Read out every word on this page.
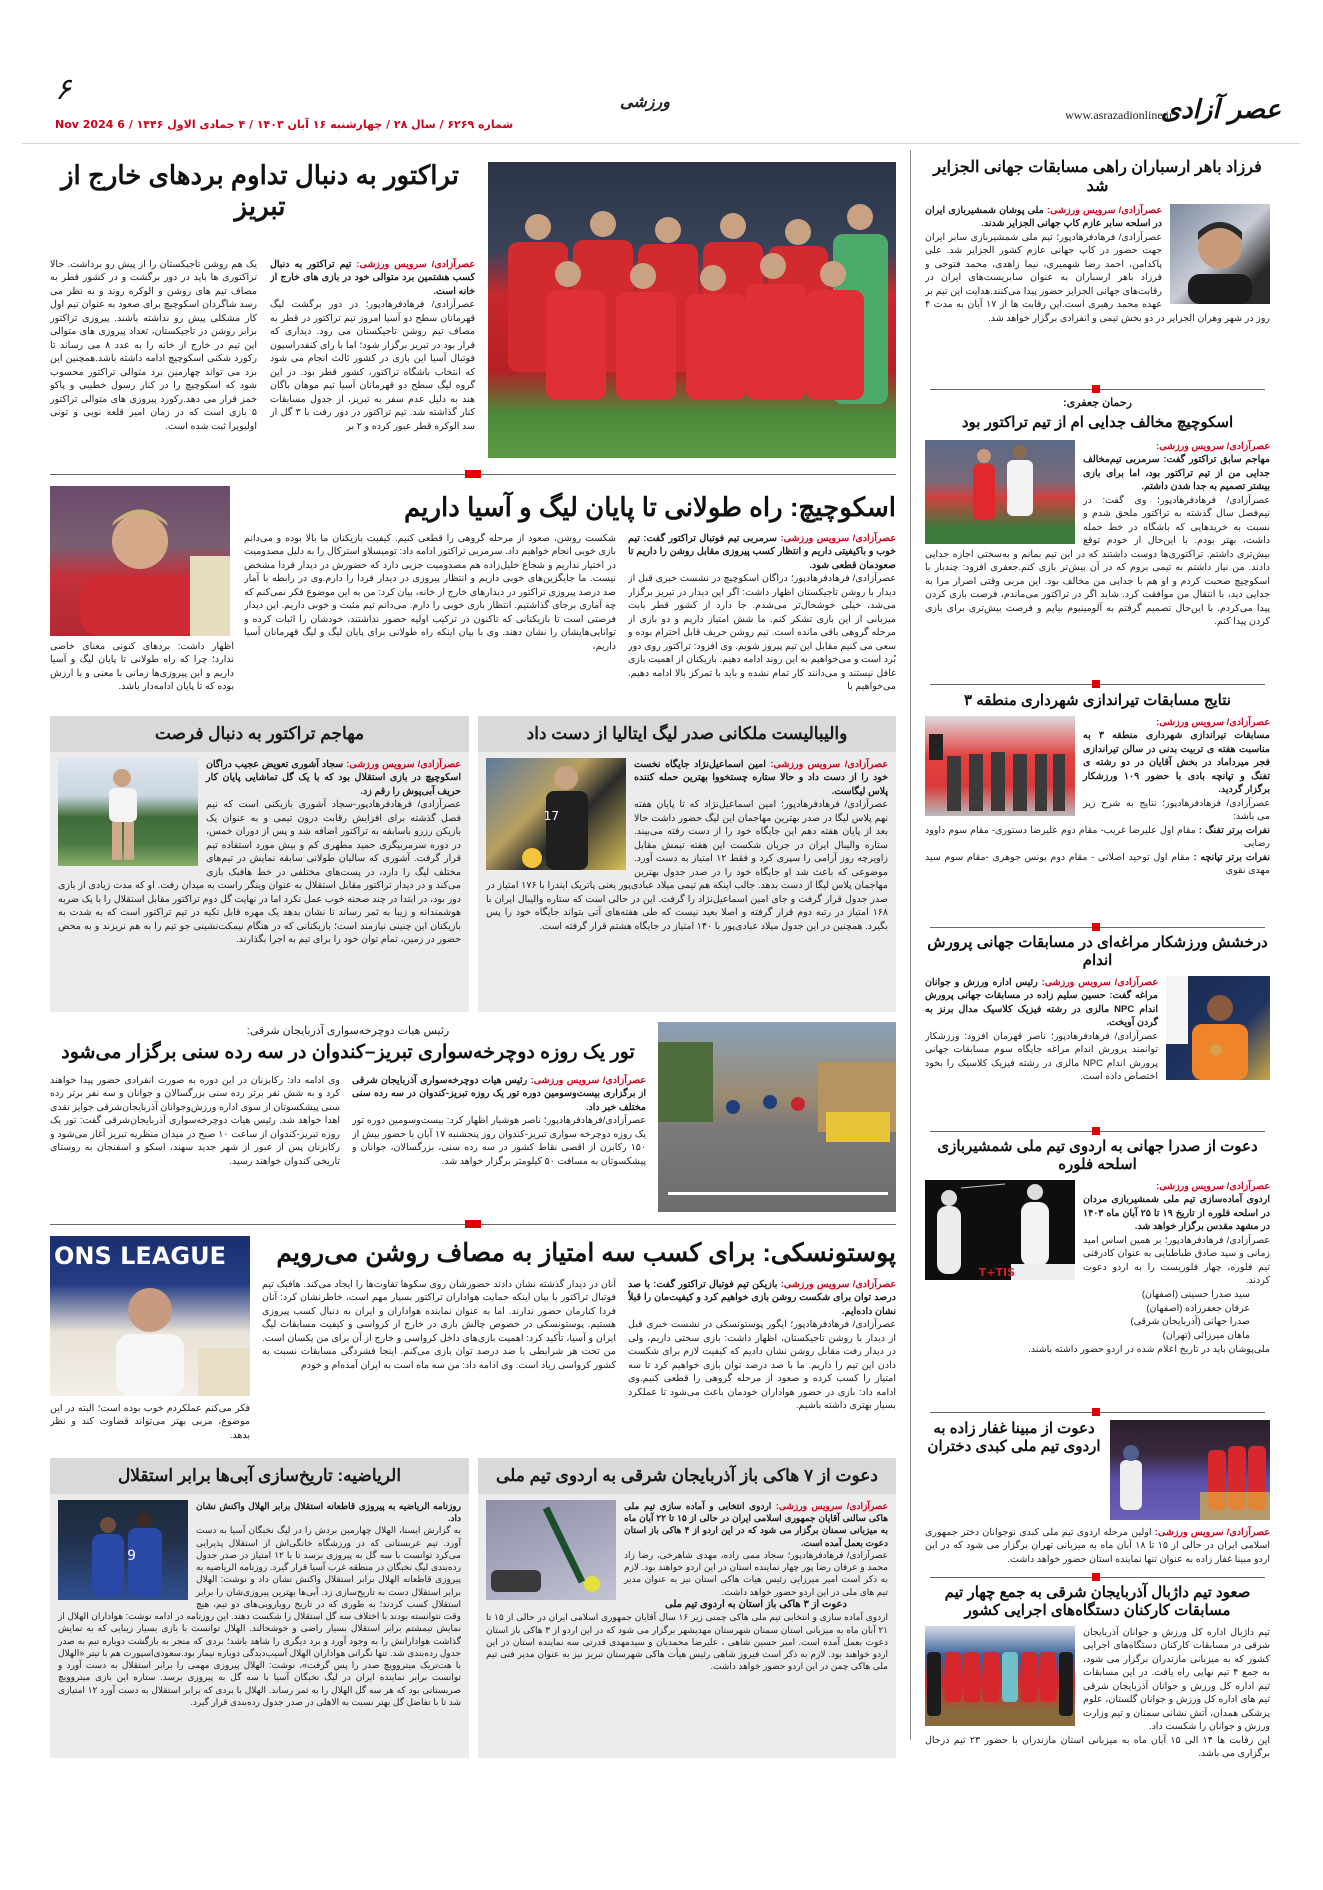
عصر آزادی
www.asrazadionline.ir
ورزشی
۶
شماره ۶۲۶۹ / سال ۲۸ / چهارشنبه ۱۶ آبان ۱۴۰۳ / ۴ جمادی الاول ۱۴۴۶ / 6 Nov 2024
تراکتور به دنبال تداوم بردهای خارج از تبریز

عصرآزادی/ سرویس ورزشی: تیم تراکتور به دنبال کسب هشتمین برد متوالی خود در بازی های خارج از خانه است.

عصرآزادی/ فرهادفرهادپور؛ در دور برگشت لیگ قهرمانان سطح دو آسیا امروز تیم تراکتور در قطر به مصاف تیم روشن تاجیکستان می رود. دیداری که قرار بود در تبریز برگزار شود؛ اما با رای کنفدراسیون فوتبال آسیا این بازی در کشور ثالث انجام می شود که انتخاب باشگاه تراکتور، کشور قطر بود. در این گروه لیگ سطح دو قهرمانان آسیا تیم موهان باگان هند به دلیل عدم سفر به تبریز، از جدول مسابقات کنار گذاشته شد. تیم تراکتور در دور رفت با ۳ گل از سد الوکره قطر عبور کرده و ۲ بر

یک هم روشن تاجیکستان را از پیش رو برداشت. حالا تراکتوری ها باید در دور برگشت و در کشور قطر به مصاف تیم های روشن و الوکره روند و به نظر می رسد شاگردان اسکوچیچ برای صعود به عنوان تیم اول کار مشکلی پیش رو نداشته باشند. پیروزی تراکتور برابر روشن در تاجیکستان، تعداد پیروزی های متوالی این تیم در خارج از خانه را به عدد ۸ می رساند تا رکورد شکنی اسکوچیچ ادامه داشته باشد.همچنین این برد می تواند چهارمین برد متوالی تراکتور محسوب شود که اسکوچیچ را در کنار رسول خطیبی و پاکو خمز قرار می دهد.رکورد پیروزی های متوالی تراکتور ۵ بازی است که در زمان امیر قلعه نویی و تونی اولیویرا ثبت شده است.
اسکوچیچ: راه طولانی تا پایان لیگ و آسیا داریم

عصرآزادی/ سرویس ورزشی: سرمربی تیم فوتبال تراکتور گفت: تیم خوب و باکیفیتی داریم و انتظار کسب پیروزی مقابل روشن را داریم تا صعودمان قطعی شود.

عصرآزادی/ فرهادفرهادپور؛ دراگان اسکوچیچ در نشست خبری قبل از دیدار با روشن تاجیکستان اظهار داشت: اگر این دیدار در تبریز برگزار می‌شد، خیلی خوشحال‌تر می‌شدم. جا دارد از کشور قطر بابت میزبانی از این بازی تشکر کنم. ما شش امتیاز داریم و دو بازی از مرحله گروهی باقی مانده است. تیم روشن حریف قابل احترام بوده و سعی می کنیم مقابل این تیم پیروز شویم. وی افزود: تراکتور روی دور بُرد است و می‌خواهیم به این روند ادامه دهیم. بازیکنان از اهمیت بازی غافل نیستند و می‌دانند کار تمام نشده و باید با تمرکز بالا ادامه دهیم. می‌خواهیم با

شکست روشن، صعود از مرحله گروهی را قطعی کنیم. کیفیت بازیکنان ما بالا بوده و می‌دانم بازی خوبی انجام خواهیم داد. سرمربی تراکتور ادامه داد: تومیسلاو استرکال را به دلیل مصدومیت در اختیار نداریم و شجاع خلیل‌زاده هم مصدومیت جزیی دارد که حضورش در دیدار فردا مشخص نیست. ما جایگزین‌های خوبی داریم و انتظار پیروزی در دیدار فردا را دارم.وی در رابطه با آمار صد درصد پیروزی تراکتور در دیدارهای خارج از خانه، بیان کرد: من به این موضوع فکر نمی‌کنم که چه آماری برجای گذاشتیم. انتظار بازی خوبی را دارم. می‌دانم تیم مثبت و خوبی داریم. این دیدار فرصتی است تا بازیکنانی که تاکنون در ترکیب اولیه حضور نداشتند، خودشان را اثبات کرده و توانایی‌هایشان را نشان دهند. وی با بیان اینکه راه طولانی برای پایان لیگ و لیگ قهرمانان آسیا داریم،
اظهار داشت: بردهای کنونی معنای خاصی ندارد؛ چرا که راه طولانی تا پایان لیگ و آسیا داریم و این پیروزی‌ها زمانی با معنی و با ارزش بوده که تا پایان ادامه‌دار باشد.
مهاجم تراکتور به دنبال فرصت

عصرآزادی/ سرویس ورزشی: سجاد آشوری تعویض عجیب دراگان اسکوچیچ در بازی استقلال بود که با یک گل تماشایی پایان کار حریف آبی‌پوش را رقم زد.

عصرآزادی/ فرهادفرهادپور-سجاد آشوری بازیکنی است که نیم فصل گذشته برای افزایش رقابت درون تیمی و به عنوان یک بازیکن رزرو باسابقه به تراکتور اضافه شد و پس از دوران خمس، در دوره سرمربیگری حمید مطهری کم و بیش مورد استفاده تیم قرار گرفت. آشوری که سالیان طولانی سابقه نمایش در تیم‌های مختلف لیگ را دارد، در پست‌های مختلفی در خط هافبک بازی می‌کند و در دیدار تراکتور مقابل استقلال به عنوان وینگر راست به میدان رفت. او که مدت زیادی از بازی دور بود، در ابتدا در چند صحنه خوب عمل نکرد اما در نهایت گل دوم تراکتور مقابل استقلال را با یک ضربه هوشمندانه و زیبا به ثمر رساند تا نشان بدهد یک مهره قابل تکیه در تیم تراکتور است که به شدت به بازیکنان این چنینی نیازمند است؛ بازیکنانی که در هنگام نیمکت‌نشینی جو تیم را به هم نریزند و به محض حضور در زمین، تمام توان خود را برای تیم به اجرا بگذارند.

والیبالیست ملکانی صدر لیگ ایتالیا از دست داد
17

عصرآزادی/ سرویس ورزشی: امین اسماعیل‌نژاد جایگاه نخست خود را از دست داد و حالا ستاره چستخووا بهترین حمله کننده پلاس لیگاست.

عصرآزادی/ فرهادفرهادپور؛ امین اسماعیل‌نژاد که تا پایان هفته نهم پلاس لیگا در صدر بهترین مهاجمان این لیگ حضور داشت حالا بعد از پایان هفته دهم این جایگاه خود را از دست رفته می‌بیند. ستاره والیبال ایران در جریان شکست این هفته تیمش مقابل زاویرچه روز آرامی را سپری کرد و فقط ۱۲ امتیاز به دست آورد. موضوعی که باعث شد او جایگاه خود را در صدر جدول بهترین مهاجمان پلاس لیگا از دست بدهد. جالب اینکه هم تیمی میلاد عبادی‌پور یعنی پاتریک ایندرا با ۱۷۶ امتیاز در صدر جدول قرار گرفت و جای امین اسماعیل‌نژاد را گرفت. این در حالی است که ستاره والیبال ایران با ۱۶۸ امتیاز در رتبه دوم قرار گرفته و اصلا بعید نیست که طی هفته‌های آتی بتواند جایگاه خود را پس بگیرد. همچنین در این جدول میلاد عبادی‌پور با ۱۴۰ امتیاز در جایگاه هشتم قرار گرفته است.

رئیس هیات دوچرخه‌سواری آذربایجان شرقی:
تور یک روزه دوچرخه‌سواری تبریز–کندوان در سه رده سنی برگزار می‌شود

عصرآزادی/ سرویس ورزشی: رئیس هیات دوچرخه‌سواری آذربایجان شرقی از برگزاری بیست‌وسومین دوره تور یک روزه تبریز-کندوان در سه رده سنی مختلف خبر داد.

عصرآزادی/فرهادفرهادپور؛ ناصر هوشیار اظهار کرد: بیست‌وسومین دوره تور یک روزه دوچرخه سواری تبریز-کندوان روز پنجشنبه ۱۷ آبان با حضور بیش از ۱۵۰ رکابزن از اقصی نقاط کشور در سه رده سنی، بزرگسالان، جوانان و پیشکسوتان به مسافت ۵۰ کیلومتر برگزار خواهد شد.

وی ادامه داد: رکابزنان در این دوره به صورت انفرادی حضور پیدا خواهند کرد و به شش نفر برتر رده سنی بزرگسالان و جوانان و سه نفر برتر رده سنی پیشکسوتان از سوی اداره ورزش‌وجوانان آذربایجان‌شرقی جوایز نقدی اهدا خواهد شد. رئیس هیات دوچرخه‌سواری آذربایجان‌شرقی گفت: تور یک روزه تبریز-کندوان از ساعت ۱۰ صبح در میدان منظریه تبریز آغاز می‌شود و رکابزنان پس از عبور از شهر جدید سهند، اسکو و اسفنجان به روستای تاریخی کندوان خواهند رسید.
ONS LEAGUE	پوستونسکی: برای کسب سه امتیاز به مصاف روشن می‌رویم

عصرآزادی/ سرویس ورزشی: بازیکن تیم فوتبال تراکتور گفت: با صد درصد توان برای شکست روشن بازی خواهیم کرد و کیفیت‌مان را قبلاً نشان داده‌ایم.

عصرآزادی/ فرهادفرهادپور؛ ایگور پوستونسکی در نشست خبری قبل از دیدار با روشن تاجیکستان، اظهار داشت: بازی سختی داریم، ولی در دیدار رفت مقابل روشن نشان دادیم که کیفیت لازم برای شکست دادن این تیم را داریم. ما با صد درصد توان بازی خواهیم کرد تا سه امتیاز را کسب کرده و صعود از مرحله گروهی را قطعی کنیم.وی ادامه داد: بازی در حضور هواداران خودمان باعث می‌شود تا عملکرد بسیار بهتری داشته باشیم.

آنان در دیدار گذشته نشان دادند حضورشان روی سکوها تفاوت‌ها را ایجاد می‌کند. هافبک تیم فوتبال تراکتور با بیان اینکه حمایت هواداران تراکتور بسیار مهم است، خاطرنشان کرد: آنان فردا کنارمان حضور ندارند. اما به عنوان نماینده هواداران و ایران به دنبال کسب پیروزی هستیم. پوستونسکی در خصوص چالش بازی در خارج از کرواسی و کیفیت مسابقات لیگ ایران و آسیا، تأکید کرد: اهمیت بازی‌های داخل کرواسی و خارج از آن برای من یکسان است. من تحت هر شرایطی با صد درصد توان بازی می‌کنم. اینجا فشردگی مسابقات نسبت به کشور کرواسی زیاد است. وی ادامه داد: من سه ماه است به ایران آمده‌ام و خودم
فکر می‌کنم عملکردم خوب بوده است؛ البته در این موضوع، مربی بهتر می‌تواند قضاوت کند و نظر بدهد.
الریاضیه: تاریخ‌سازی آبی‌ها برابر استقلال
9

روزنامه الریاضیه به پیروزی قاطعانه استقلال برابر الهلال واکنش نشان داد.

به گزارش ایسنا، الهلال چهارمین بردش را در لیگ نخبگان آسیا به دست آورد. تیم عربستانی که در ورزشگاه خانگی‌اش از استقلال پذیرایی می‌کرد توانست با سه گل به پیروزی برسد تا با ۱۲ امتیاز در صدر جدول رده‌بندی لیگ نخبگان در منطقه غرب آسیا قرار گیرد. روزنامه الریاضیه به پیروزی قاطعانه الهلال برابر استقلال واکنش نشان داد و نوشت: الهلال برابر استقلال دست به تاریخ‌سازی زد. آبی‌ها بهترین پیروزی‌شان را برابر استقلال کسب کردند؛ به طوری که در تاریخ رویارویی‌های دو تیم، هیچ وقت نتوانسته بودند با اختلاف سه گل استقلال را شکست دهند. این روزنامه در ادامه نوشت: هواداران الهلال از نمایش تیمشتم برابر استقلال بسیار راضی و خوشحالند. الهلال توانست با بازی بسیار زیبایی که به نمایش گذاشت هوادارانش را به وجود آورد و برد دیگری را شاهد باشد؛ بردی که منجر به بازگشت دوباره تیم به صدر جدول رده‌بندی شد. تنها نگرانی هواداران الهلال آسیب‌دیدگی دوباره نیمار بود.سعودی‌اسپورت هم با تیتر «الهلال با هت‌تریک میتروویچ صدر را پس گرفت»، نوشت: الهلال پیروزی مهمی را برابر استقلال به دست آورد و توانست برابر نماینده ایران در لیگ نخبگان آسیا با سه گل به پیروزی برسد. ستاره این بازی میتروویچ صربستانی بود که هر سه گل الهلال را به ثمر رساند. الهلال با بردی که برابر استقلال به دست آورد ۱۲ امتیازی شد تا با تفاضل گل بهتر نسبت به الاهلی در صدر جدول رده‌بندی قرار گیرد.

دعوت از ۷ هاکی باز آذربایجان شرقی به اردوی تیم ملی

عصرآزادی/ سرویس ورزشی: اردوی انتخابی و آماده سازی تیم ملی هاکی سالنی آقایان جمهوری اسلامی ایران در حالی از ۱۵ تا ۲۲ آبان ماه به میزبانی سمنان برگزار می شود که در این اردو از ۴ هاکی باز استان دعوت بعمل آمده است.

عصرآزادی/ فرهادفرهادپور؛ سجاد ممی زاده، مهدی شاهرخی، رضا زاد محمد و عرفان رضا پور چهار نماینده استان در این اردو خواهند بود. لازم به ذکر است امیر میرزایی رئیس هیات هاکی استان نیز به عنوان مدیر تیم های ملی در این اردو حضور خواهد داشت.

دعوت از ۳ هاکی باز استان به اردوی تیم ملی

اردوی آماده سازی و انتخابی تیم ملی هاکی چمنی زیر ۱۶ سال آقایان جمهوری اسلامی ایران در حالی از ۱۵ تا ۲۱ آبان ماه به میزبانی استان سمنان شهرستان مهدیشهر برگزار می شود که در این اردو از ۳ هاکی باز استان دعوت بعمل آمده است. امیر حسین شاهی ، علیرضا محمدیان و سیدمهدی قدرتی سه نماینده استان در این اردو خواهند بود. لازم به ذکر است فیروز شاهی رئیس هیأت هاکی شهرستان تبریز نیز به عنوان مدیر فنی تیم ملی هاکی چمن در این اردو حضور خواهد داشت.

فرزاد باهر ارسباران راهی مسابقات جهانی الجزایر شد

عصرآزادی/ سرویس ورزشی: ملی پوشان شمشیربازی ایران در اسلحه سابر عازم کاپ جهانی الجزایر شدند.

عصرآزادی/ فرهادفرهادپور؛ تیم ملی شمشیربازی سابر ایران جهت حضور در کاپ جهانی عازم کشور الجزایر شد. علی پاکدامن، احمد رضا شهمیری، نیما زاهدی، محمد فتوحی و فرزاد باهر ارسباران به عنوان سابریست‌های ایران در رقابت‌های جهانی الجزایر حضور پیدا می‌کنند.هدایت این تیم بر عهده محمد رهبری است.این رقابت ها از ۱۷ آبان به مدت ۴ روز در شهر وهران الجزایر در دو بخش تیمی و انفرادی برگزار خواهد شد.

رحمان جعفری:
اسکوچیچ مخالف جدایی ام از تیم تراکتور بود

عصرآزادی/ سرویس ورزشی:

مهاجم سابق تراکتور گفت: سرمربی تیم‌مخالف جدایی من از تیم تراکتور بود، اما برای بازی بیشتر تصمیم به جدا شدن داشتم.

عصرآزادی/ فرهادفرهادپور؛ وی گفت: در نیم‌فصل سال گذشته به تراکتور ملحق شدم و نسبت به خریدهایی که باشگاه در خط حمله داشت، بهتر بودم. با این‌حال از خودم توقع بیش‌تری داشتم. تراکتوری‌ها دوست داشتند که در این تیم بمانم و به‌سختی اجازه جدایی دادند. من نیاز داشتم به تیمی بروم که در آن بیش‌تر بازی کنم.جعفری افزود: چندبار با اسکوچیچ صحبت کردم و او هم با جدایی من مخالف بود. این مربی وقتی اصرار مرا به جدایی دید، با انتقال من موافقت کرد. شاید اگر در تراکتور می‌ماندم، فرصت بازی کردن پیدا می‌کردم. با این‌حال تصمیم گرفتم به آلومینیوم بیایم و فرصت بیش‌تری برای بازی کردن پیدا کنم.

نتایج مسابقات تیراندازی شهرداری منطقه ۳

عصرآزادی/ سرویس ورزشی:

مسابقات تیراندازی شهرداری منطقه ۳ به مناسبت هفته ی تربیت بدنی در سالن تیراندازی فجر میرداماد در بخش آقایان در دو رشته ی تفنگ و تپانچه بادی با حضور ۱۰۹ ورزشکار برگزار گردید.

عصرآزادی/ فرهادفرهادپور؛ نتایج به شرح زیر می باشد:

نفرات برتر تفنگ : مقام اول علیرضا غریب- مقام دوم علیرضا دستوری- مقام سوم داوود رضایی

نفرات برتر تپانچه : مقام اول توحید اصلانی - مقام دوم یونس جوهری -مقام سوم سید مهدی نقوی

درخشش ورزشکار مراغه‌ای در مسابقات جهانی پرورش اندام

عصرآزادی/ سرویس ورزشی: رئیس اداره ورزش و جوانان مراغه گفت: حسین سلیم زاده در مسابقات جهانی پرورش اندام NPC مالزی در رشته فیزیک کلاسیک مدال برنز به گردن آویخت.

عصرآزادی/ فرهادفرهادپور؛ ناصر قهرمان افزود: ورزشکار توانمند پرورش اندام مراغه جایگاه سوم مسابقات جهانی پرورش اندام NPC مالزی در رشته فیزیک کلاسیک را بخود اختصاص داده است.

دعوت از صدرا جهانی به اردوی تیم ملی شمشیربازی اسلحه فلوره
T+TIS

عصرآزادی/ سرویس ورزشی:

اردوی آماده‌سازی تیم ملی شمشیربازی مردان در اسلحه فلوره از تاریخ ۱۹ تا ۲۵ آبان ماه ۱۴۰۳ در مشهد مقدس برگزار خواهد شد.

عصرآزادی/ فرهادفرهادپور؛ بر همین اساس امید زمانی و سید صادق طباطبایی به عنوان کادرفنی تیم فلوره، چهار فلوریست را به اردو دعوت کردند.

سید صدرا حسینی (اصفهان)
عرفان جعفرزاده (اصفهان)
صدرا جهانی (آذربایجان شرقی)
ماهان میرزائی (تهران)
ملی‌پوشان باید در تاریخ اعلام شده در اردو حضور داشته باشند.
دعوت از مبینا غفار زاده به اردوی تیم ملی کبدی دختران

عصرآزادی/ سرویس ورزشی: اولین مرحله اردوی تیم ملی کبدی نوجوانان دختر جمهوری اسلامی ایران در حالی از ۱۵ تا ۱۸ آبان ماه به میزبانی تهران برگزار می شود که در این اردو مبینا غفار زاده به عنوان تنها نماینده استان حضور خواهد داشت.

صعود تیم داژبال آذربایجان شرقی به جمع چهار تیم مسابقات کارکنان دستگاه‌های اجرایی کشور

تیم داژبال اداره کل ورزش و جوانان آذربایجان شرقی در مسابقات کارکنان دستگاه‌های اجرایی کشور که به میزبانی مازندران برگزار می شود، به جمع ۴ تیم نهایی راه یافت. در این مسابقات تیم اداره کل ورزش و جوانان آذربایجان شرقی تیم های اداره کل ورزش و جوانان گلستان، علوم پزشکی همدان، آتش نشانی سمنان و تیم وزارت ورزش و جوانان را شکست داد.

این رقابت ها ۱۴ الی ۱۵ آبان ماه به میزبانی استان مازندران با حضور ۲۳ تیم درحال برگزاری می باشد.
